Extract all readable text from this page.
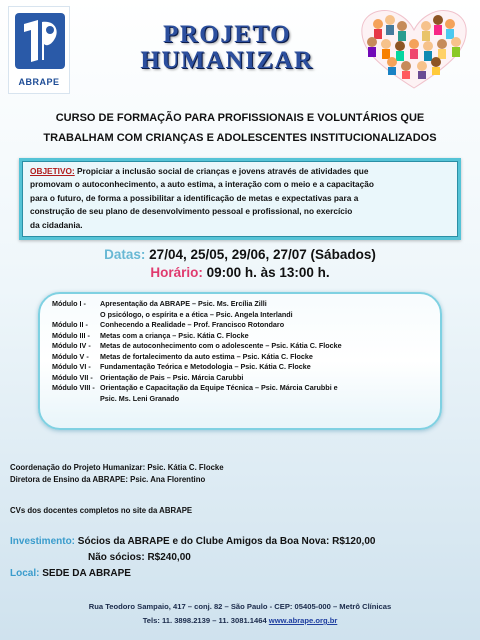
ABRAPE
PROJETO
HUMANIZAR
CURSO DE FORMAÇÃO PARA PROFISSIONAIS E VOLUNTÁRIOS QUE
TRABALHAM COM CRIANÇAS E ADOLESCENTES INSTITUCIONALIZADOS
OBJETIVO: Propiciar a inclusão social de crianças e jovens através de atividades que
promovam o autoconhecimento, a auto estima, a interação com o meio e a capacitação
para o futuro, de forma a possibilitar a identificação de metas e expectativas para a
construção de seu plano de desenvolvimento pessoal e profissional, no exercício
da cidadania.
Datas: 27/04, 25/05, 29/06, 27/07 (Sábados)
Horário: 09:00 h. às 13:00 h.
Módulo I -	Apresentação da ABRAPE – Psic. Ms. Ercília Zilli
O psicólogo, o espírita e a ética – Psic. Angela Interlandi
Módulo II -	Conhecendo a Realidade – Prof. Francisco Rotondaro
Módulo III -	Metas com a criança – Psic. Kátia C. Flocke
Módulo IV -	Metas de autoconhecimento com o adolescente – Psic. Kátia C. Flocke
Módulo V -	Metas de fortalecimento da auto estima – Psic. Kátia C. Flocke
Módulo VI -	Fundamentação Teórica e Metodologia – Psic. Kátia C. Flocke
Módulo VII -	Orientação de Pais – Psic. Márcia Carubbi
Módulo VIII - Orientação e Capacitação da Equipe Técnica – Psic. Márcia Carubbi e
Psic. Ms. Leni Granado
Coordenação do Projeto Humanizar: Psic. Kátia C. Flocke
Diretora de Ensino da ABRAPE: Psic. Ana Florentino
CVs dos docentes completos no site da ABRAPE
Investimento: Sócios da ABRAPE e do Clube Amigos da Boa Nova: R$120,00
Não sócios: R$240,00
Local: SEDE DA ABRAPE
Rua Teodoro Sampaio, 417 – conj. 82 – São Paulo - CEP: 05405-000 – Metrô Clínicas
Tels: 11. 3898.2139 – 11. 3081.1464 www.abrape.org.br
